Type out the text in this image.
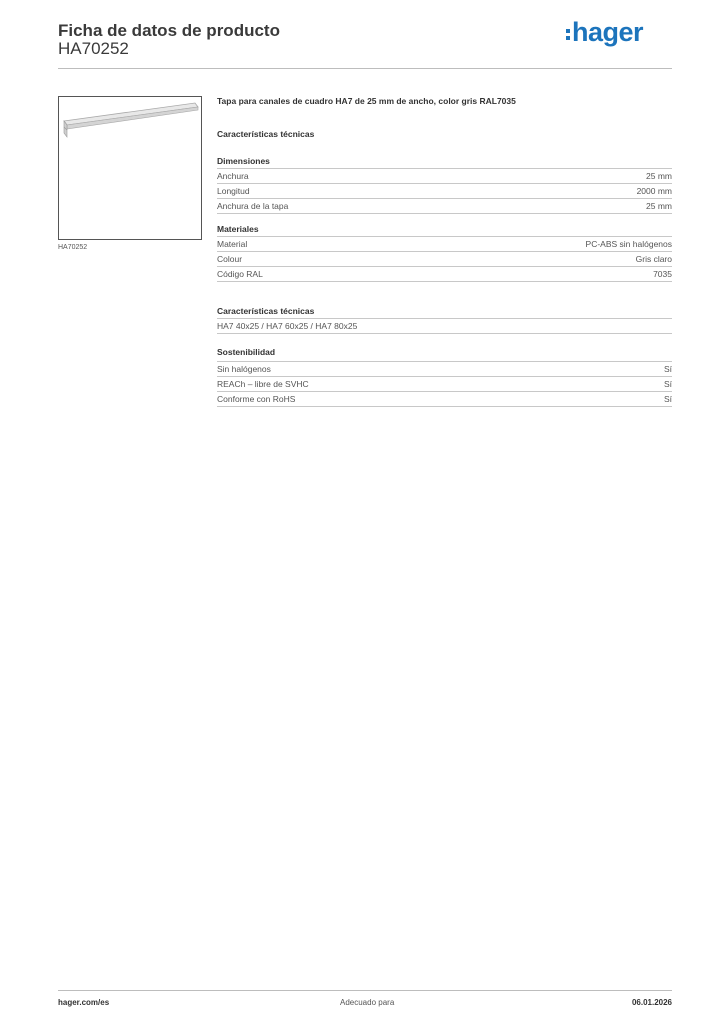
Ficha de datos de producto
HA70252
hager
HA70252
Tapa para canales de cuadro HA7 de 25 mm de ancho, color gris RAL7035
Características técnicas
Dimensiones
Anchura	25 mm
Longitud	2000 mm
Anchura de la tapa	25 mm
Materiales
Material	PC-ABS sin halógenos
Colour	Gris claro
Código RAL	7035
Características técnicas
HA7 40x25 / HA7 60x25 / HA7 80x25
Sostenibilidad
Sin halógenos	Sí
REACh – libre de SVHC	Sí
Conforme con RoHS	Sí
hager.com/es	Adecuado para	06.01.2026
